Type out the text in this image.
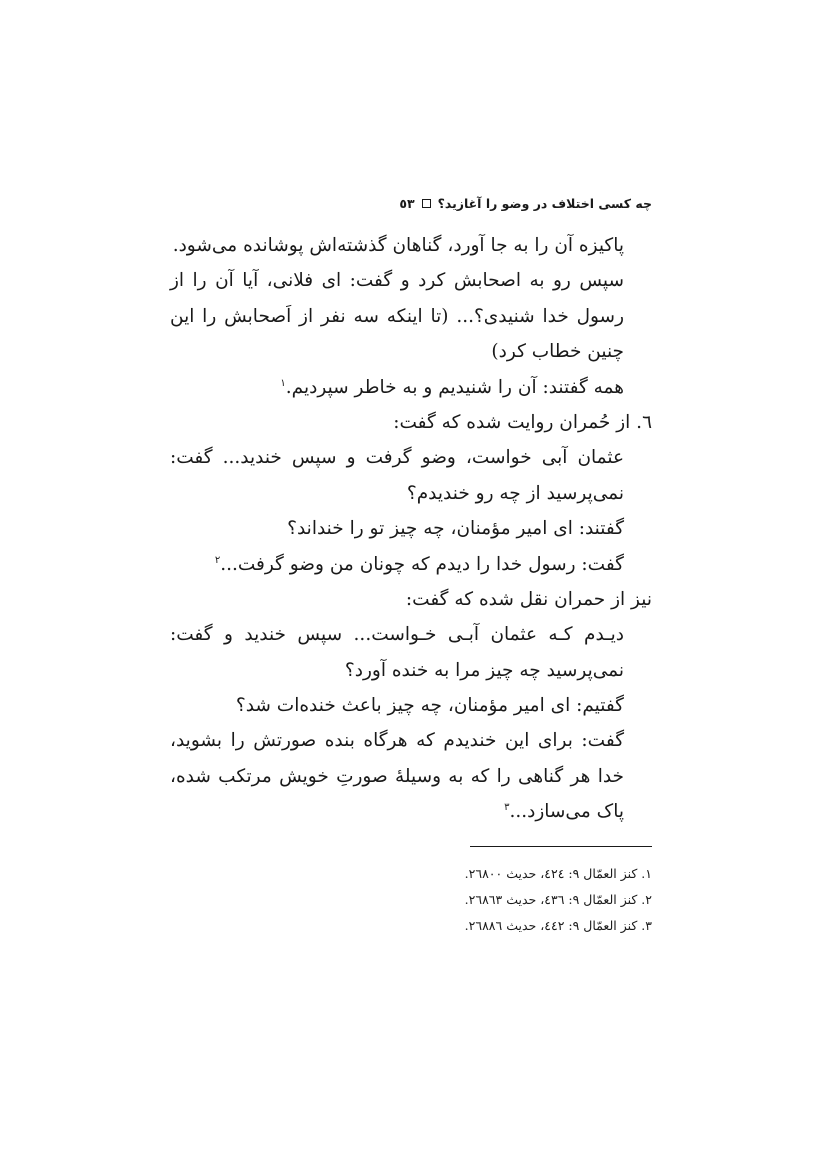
چه کسی اختلاف در وضو را آغازید؟
٥٣
پاکیزه آن را به جا آورد، گناهان گذشته‌اش پوشانده می‌شود.
سپس رو به اصحابش کرد و گفت: ای فلانی، آیا آن را از
رسول خدا شنیدی؟... (تا اینکه سه نفر از اَصحابش را این
چنین خطاب کرد)
همه گفتند: آن را شنیدیم و به خاطر سپردیم.$^١$
٦. از حُمران روایت شده که گفت:
عثمان آبی خواست، وضو گرفت و سپس خندید... گفت:
نمی‌پرسید از چه رو خندیدم؟
گفتند: ای امیر مؤمنان، چه چیز تو را خنداند؟
گفت: رسول خدا را دیدم که چونان من وضو گرفت...$^٢$
نیز از حمران نقل شده که گفت:
دیـدم کـه عثمان آبـی خـواست... سپس خندید و گفت:
نمی‌پرسید چه چیز مرا به خنده آورد؟
گفتیم: ای امیر مؤمنان، چه چیز باعث خنده‌ات شد؟
گفت: برای این خندیدم که هرگاه بنده صورتش را بشوید،
خدا هر گناهی را که به وسیلهٔ صورتِ خویش مرتکب شده،
پاک می‌سازد...$^٣$
١. کنز العمّال ٩: ٤٢٤، حدیث ٢٦٨٠٠.
٢. کنز العمّال ٩: ٤٣٦، حدیث ٢٦٨٦٣.
٣. کنز العمّال ٩: ٤٤٢، حدیث ٢٦٨٨٦.
